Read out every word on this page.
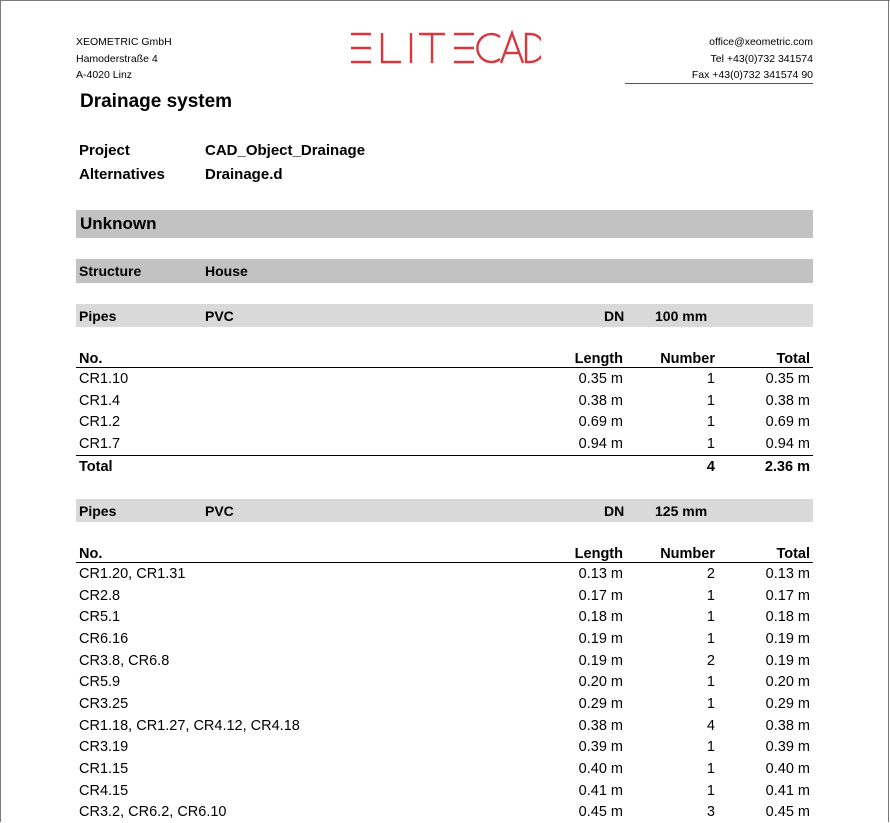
XEOMETRIC GmbH
Hamoderstraße 4
A-4020 Linz
office@xeometric.com
Tel +43(0)732 341574
Fax +43(0)732 341574 90
Drainage system
Project	CAD_Object_Drainage
Alternatives	Drainage.d
Unknown
Structure	House
Pipes	PVC	DN 100 mm
No.	Length	Number	Total
CR1.10	0.35 m	1	0.35 m
CR1.4	0.38 m	1	0.38 m
CR1.2	0.69 m	1	0.69 m
CR1.7	0.94 m	1	0.94 m
Total		4	2.36 m
Pipes	PVC	DN 125 mm
No.	Length	Number	Total
CR1.20, CR1.31	0.13 m	2	0.13 m
CR2.8	0.17 m	1	0.17 m
CR5.1	0.18 m	1	0.18 m
CR6.16	0.19 m	1	0.19 m
CR3.8, CR6.8	0.19 m	2	0.19 m
CR5.9	0.20 m	1	0.20 m
CR3.25	0.29 m	1	0.29 m
CR1.18, CR1.27, CR4.12, CR4.18	0.38 m	4	0.38 m
CR3.19	0.39 m	1	0.39 m
CR1.15	0.40 m	1	0.40 m
CR4.15	0.41 m	1	0.41 m
CR3.2, CR6.2, CR6.10	0.45 m	3	0.45 m
